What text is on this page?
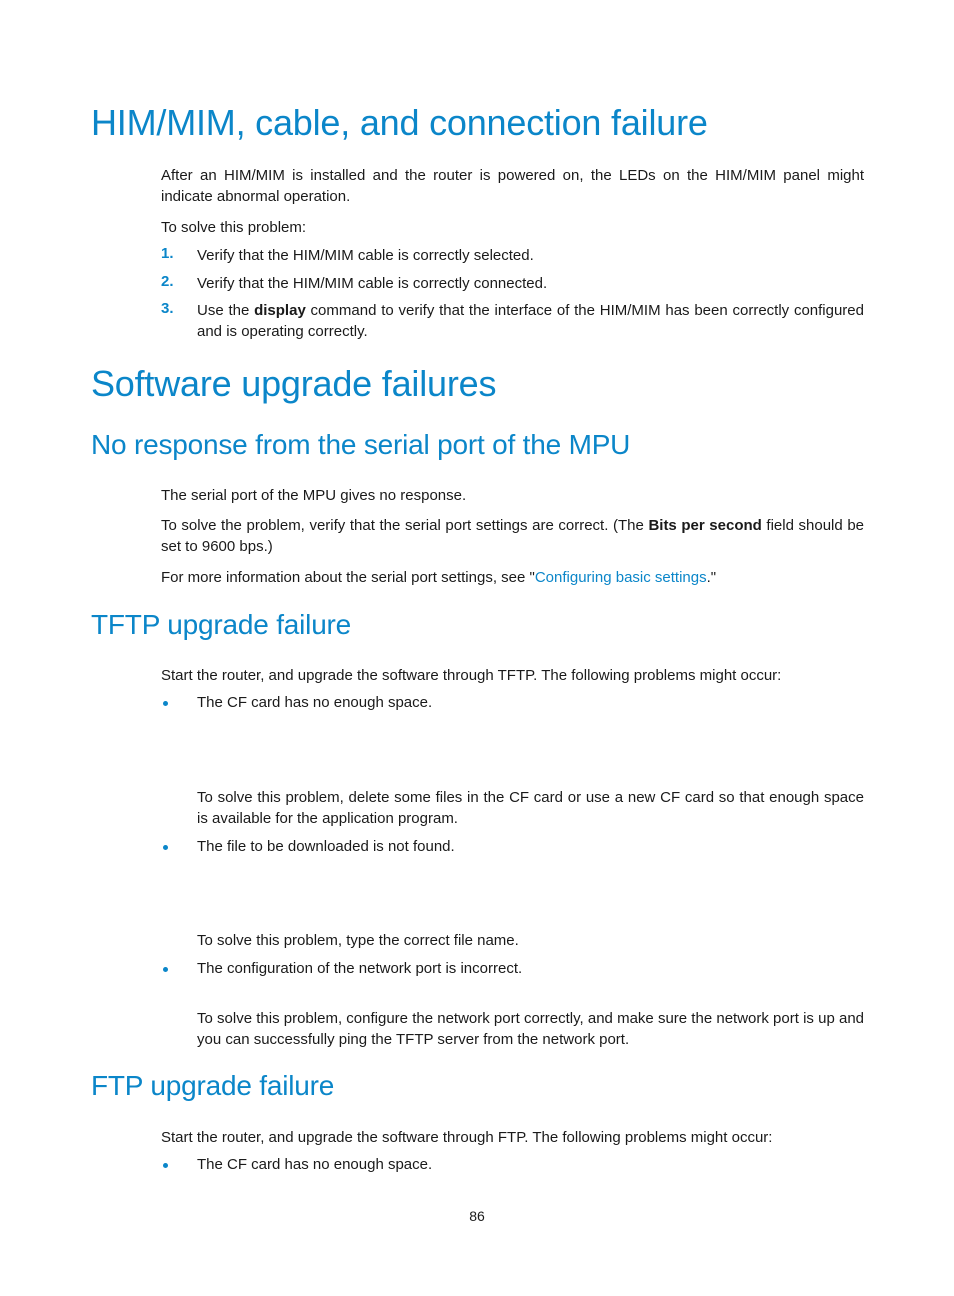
HIM/MIM, cable, and connection failure
After an HIM/MIM is installed and the router is powered on, the LEDs on the HIM/MIM panel might indicate abnormal operation.
To solve this problem:
1. Verify that the HIM/MIM cable is correctly selected.
2. Verify that the HIM/MIM cable is correctly connected.
3. Use the display command to verify that the interface of the HIM/MIM has been correctly configured and is operating correctly.
Software upgrade failures
No response from the serial port of the MPU
The serial port of the MPU gives no response.
To solve the problem, verify that the serial port settings are correct. (The Bits per second field should be set to 9600 bps.)
For more information about the serial port settings, see "Configuring basic settings."
TFTP upgrade failure
Start the router, and upgrade the software through TFTP. The following problems might occur:
The CF card has no enough space.
To solve this problem, delete some files in the CF card or use a new CF card so that enough space is available for the application program.
The file to be downloaded is not found.
To solve this problem, type the correct file name.
The configuration of the network port is incorrect.
To solve this problem, configure the network port correctly, and make sure the network port is up and you can successfully ping the TFTP server from the network port.
FTP upgrade failure
Start the router, and upgrade the software through FTP. The following problems might occur:
The CF card has no enough space.
86
